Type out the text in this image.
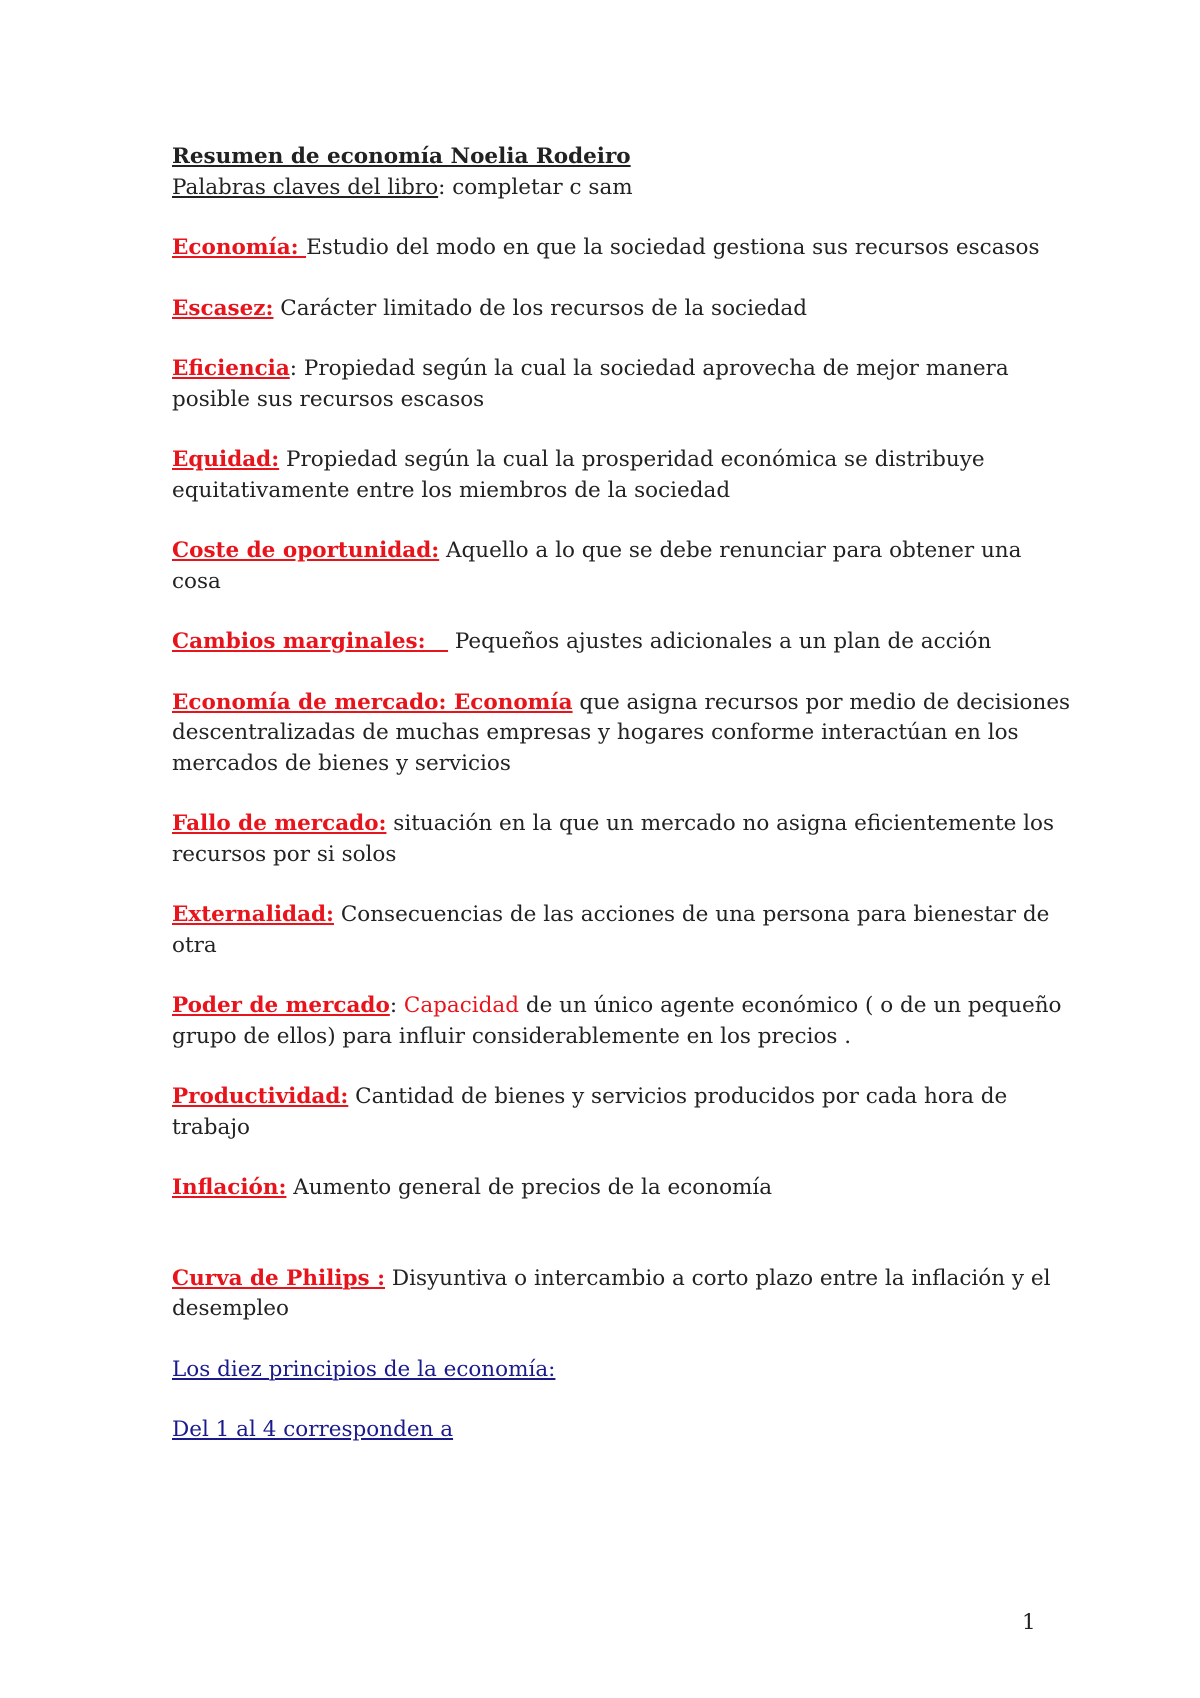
Resumen de economía Noelia Rodeiro

Palabras claves del libro: completar c sam

Economía: Estudio del modo en que la sociedad gestiona sus recursos escasos

Escasez: Carácter limitado de los recursos de la sociedad

Eficiencia: Propiedad según la cual la sociedad aprovecha de mejor manera posible sus recursos escasos

Equidad: Propiedad según la cual la prosperidad económica se distribuye equitativamente entre los miembros de la sociedad

Coste de oportunidad: Aquello a lo que se debe renunciar para obtener una cosa

Cambios marginales:    Pequeños ajustes adicionales a un plan de acción

Economía de mercado: Economía que asigna recursos por medio de decisiones descentralizadas de muchas empresas y hogares conforme interactúan en los mercados de bienes y servicios

Fallo de mercado: situación en la que un mercado no asigna eficientemente los recursos por si solos

Externalidad: Consecuencias de las acciones de una persona para bienestar de otra

Poder de mercado: Capacidad de un único agente económico ( o de un pequeño grupo de ellos) para influir considerablemente en los precios .

Productividad: Cantidad de bienes y servicios producidos por cada hora de trabajo

Inflación: Aumento general de precios de la economía

Curva de Philips : Disyuntiva o intercambio a corto plazo entre la inflación y el desempleo

Los diez principios de la economía:

Del 1 al 4 corresponden a

1
